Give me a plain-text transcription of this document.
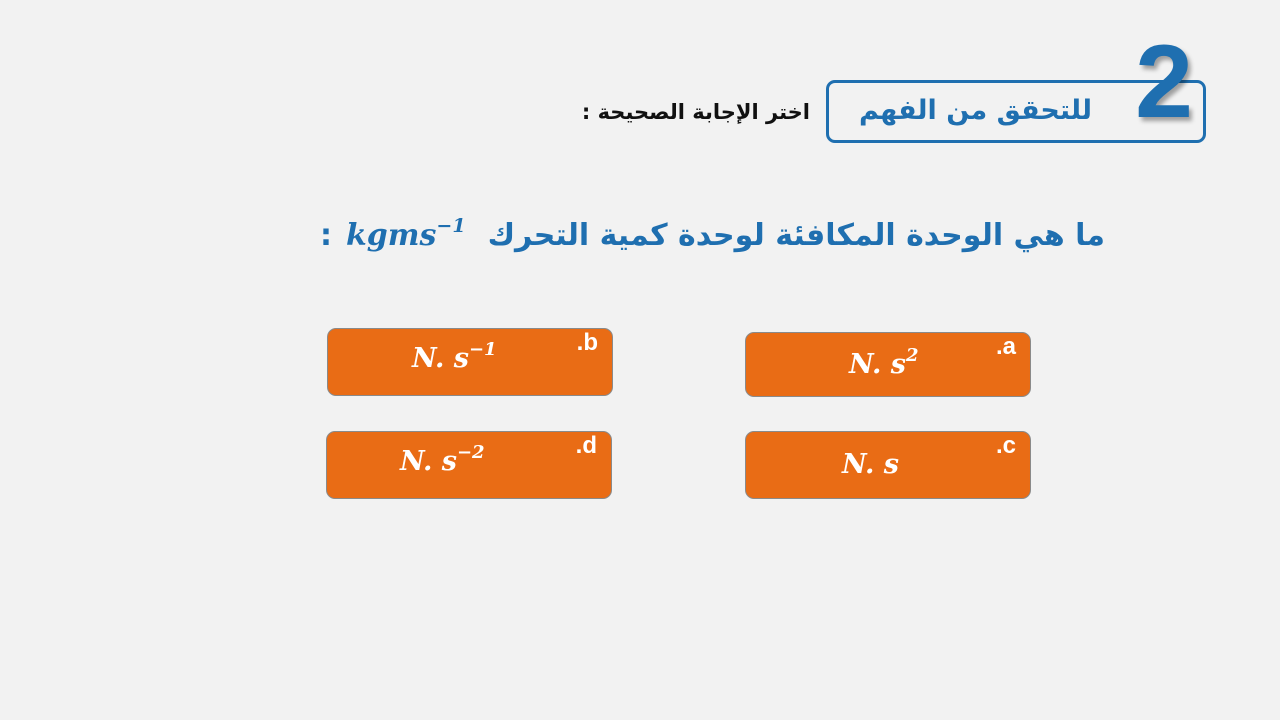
للتحقق من الفهم 2
اختر الإجابة الصحيحة :
: kgms$^{-1}$ ما هي الوحدة المكافئة لوحدة كمية التحرك
.a
N. $s^2$
.b
N. $s^{-1}$
.c
N. s
.d
N. $s^{-2}$
